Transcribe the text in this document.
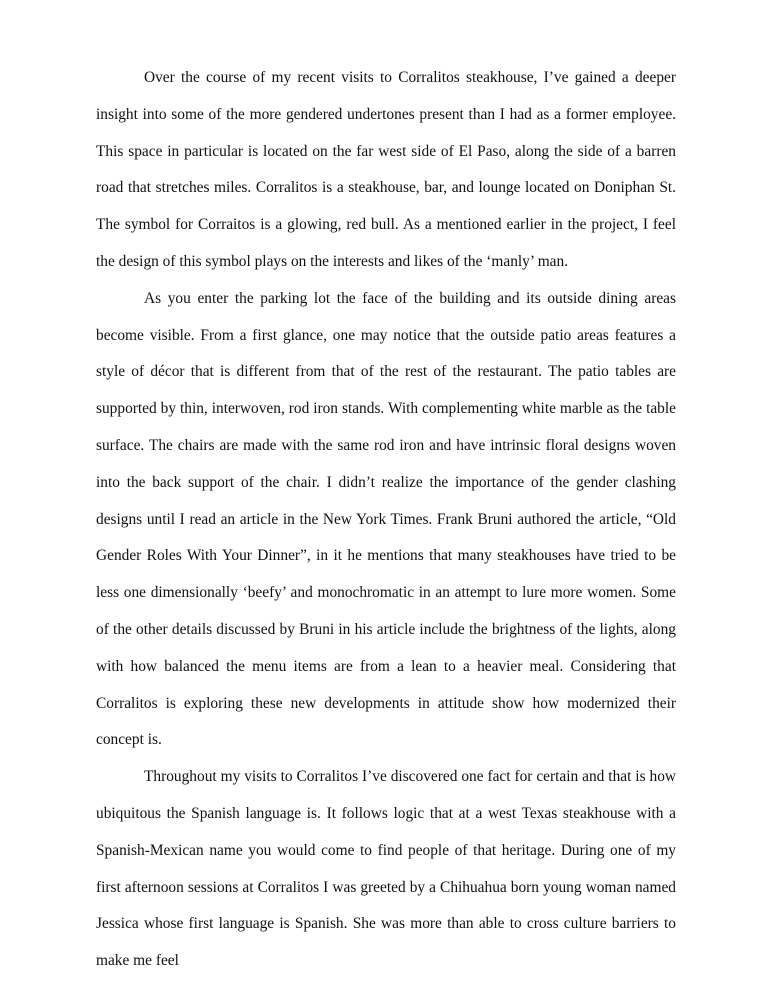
Over the course of my recent visits to Corralitos steakhouse, I’ve gained a deeper insight into some of the more gendered undertones present than I had as a former employee. This space in particular is located on the far west side of El Paso, along the side of a barren road that stretches miles. Corralitos is a steakhouse, bar, and lounge located on Doniphan St. The symbol for Corraitos is a glowing, red bull. As a mentioned earlier in the project, I feel the design of this symbol plays on the interests and likes of the ‘manly’ man.

As you enter the parking lot the face of the building and its outside dining areas become visible. From a first glance, one may notice that the outside patio areas features a style of décor that is different from that of the rest of the restaurant. The patio tables are supported by thin, interwoven, rod iron stands. With complementing white marble as the table surface. The chairs are made with the same rod iron and have intrinsic floral designs woven into the back support of the chair. I didn’t realize the importance of the gender clashing designs until I read an article in the New York Times. Frank Bruni authored the article, “Old Gender Roles With Your Dinner”, in it he mentions that many steakhouses have tried to be less one dimensionally ‘beefy’ and monochromatic in an attempt to lure more women. Some of the other details discussed by Bruni in his article include the brightness of the lights, along with how balanced the menu items are from a lean to a heavier meal. Considering that Corralitos is exploring these new developments in attitude show how modernized their concept is.

Throughout my visits to Corralitos I’ve discovered one fact for certain and that is how ubiquitous the Spanish language is. It follows logic that at a west Texas steakhouse with a Spanish-Mexican name you would come to find people of that heritage. During one of my first afternoon sessions at Corralitos I was greeted by a Chihuahua born young woman named Jessica whose first language is Spanish. She was more than able to cross culture barriers to make me feel
